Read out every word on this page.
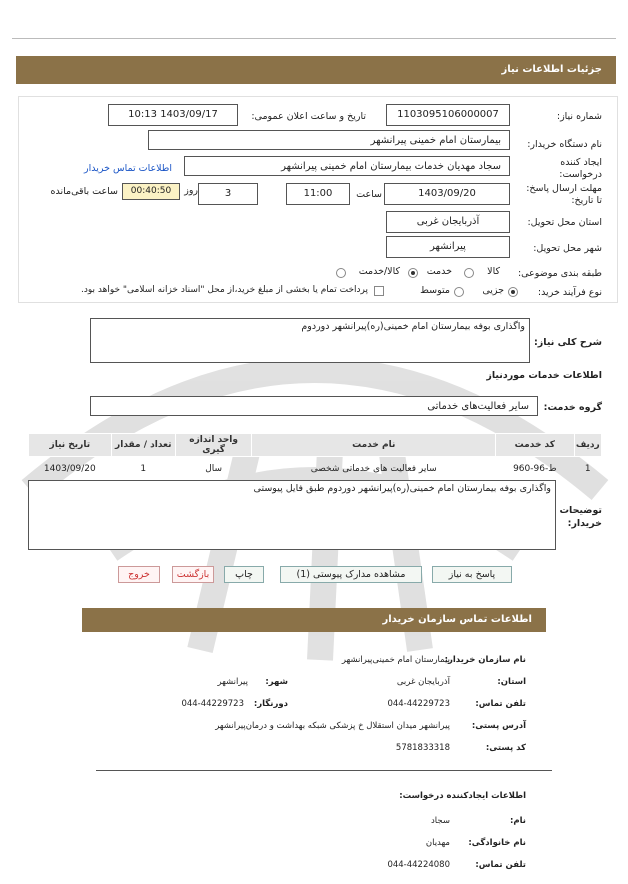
جزئیات اطلاعات نیاز
شماره نیاز:
1103095106000007
تاریخ و ساعت اعلان عمومی:
1403/09/17 10:13
نام دستگاه خریدار:
بیمارستان امام خمینی پیرانشهر
ایجاد کننده درخواست:
سجاد مهدیان خدمات بیمارستان امام خمینی پیرانشهر
اطلاعات تماس خریدار
مهلت ارسال پاسخ: تا تاریخ:
1403/09/20
ساعت
11:00
3
روز
00:40:50
ساعت باقی‌مانده
استان محل تحویل:
آذربایجان غربی
شهر محل تحویل:
پیرانشهر
طبقه بندی موضوعی:
کالا
خدمت
کالا/خدمت
نوع فرآیند خرید:
جزیی
متوسط
پرداخت تمام یا بخشی از مبلغ خرید،از محل "اسناد خزانه اسلامی" خواهد بود.
شرح کلی نیاز:
واگذاری بوفه بیمارستان امام خمینی(ره)پیرانشهر دوردوم
اطلاعات خدمات موردنیاز
گروه خدمت:
سایر فعالیت‌های خدماتی
ردیف	کد خدمت	نام خدمت	واحد اندازه گیری	تعداد / مقدار	تاریخ نیاز
1	ط-96-960	سایر فعالیت های خدماتی شخصی	سال	1	1403/09/20
توضیحات خریدار:
واگذاری بوفه بیمارستان امام خمینی(ره)پیرانشهر دوردوم طبق فایل پیوستی
پاسخ به نیاز
مشاهده مدارک پیوستی (1)
چاپ
بازگشت
خروج
اطلاعات تماس سازمان خریدار
نام سازمان خریدار:
بیمارستان امام خمینی‌پیرانشهر
استان:
آذربایجان غربی
شهر:
پیرانشهر
تلفن تماس:
044-44229723
دورنگار:
044-44229723
آدرس پستی:
پیرانشهر میدان استقلال خ پزشکی شبکه بهداشت و درمان‌پیرانشهر
کد پستی:
5781833318
اطلاعات ایجادکننده درخواست:
نام:
سجاد
نام خانوادگی:
مهدیان
تلفن تماس:
044-44224080
